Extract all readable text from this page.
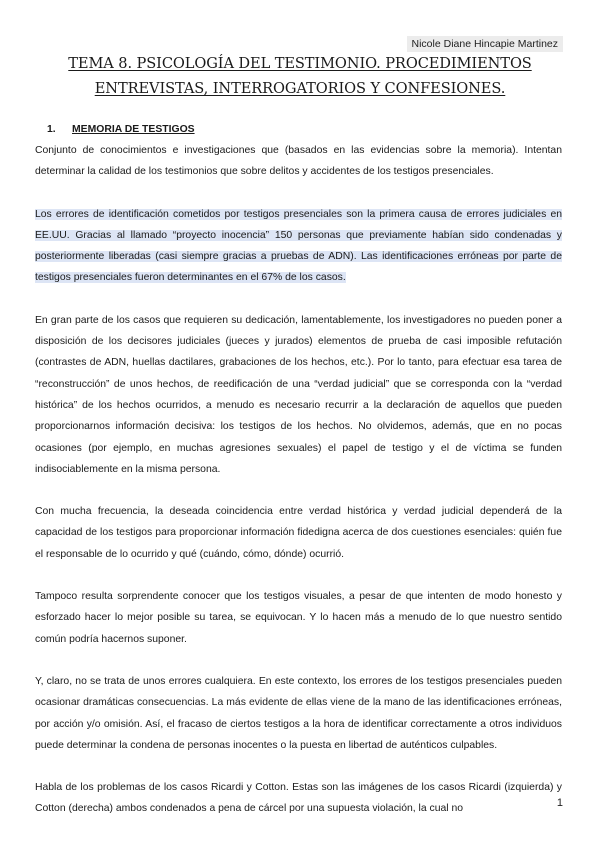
Nicole Diane Hincapie Martinez
TEMA 8. PSICOLOGÍA DEL TESTIMONIO. PROCEDIMIENTOS
ENTREVISTAS, INTERROGATORIOS Y CONFESIONES.
1. MEMORIA DE TESTIGOS

Conjunto de conocimientos e investigaciones que (basados en las evidencias sobre la memoria). Intentan determinar la calidad de los testimonios que sobre delitos y accidentes de los testigos presenciales.

Los errores de identificación cometidos por testigos presenciales son la primera causa de errores judiciales en EE.UU. Gracias al llamado “proyecto inocencia” 150 personas que previamente habían sido condenadas y posteriormente liberadas (casi siempre gracias a pruebas de ADN). Las identificaciones erróneas por parte de testigos presenciales fueron determinantes en el 67% de los casos.

En gran parte de los casos que requieren su dedicación, lamentablemente, los investigadores no pueden poner a disposición de los decisores judiciales (jueces y jurados) elementos de prueba de casi imposible refutación (contrastes de ADN, huellas dactilares, grabaciones de los hechos, etc.). Por lo tanto, para efectuar esa tarea de “reconstrucción” de unos hechos, de reedificación de una “verdad judicial” que se corresponda con la “verdad histórica” de los hechos ocurridos, a menudo es necesario recurrir a la declaración de aquellos que pueden proporcionarnos información decisiva: los testigos de los hechos. No olvidemos, además, que en no pocas ocasiones (por ejemplo, en muchas agresiones sexuales) el papel de testigo y el de víctima se funden indisociablemente en la misma persona.

Con mucha frecuencia, la deseada coincidencia entre verdad histórica y verdad judicial dependerá de la capacidad de los testigos para proporcionar información fidedigna acerca de dos cuestiones esenciales: quién fue el responsable de lo ocurrido y qué (cuándo, cómo, dónde) ocurrió.

Tampoco resulta sorprendente conocer que los testigos visuales, a pesar de que intenten de modo honesto y esforzado hacer lo mejor posible su tarea, se equivocan. Y lo hacen más a menudo de lo que nuestro sentido común podría hacernos suponer.

Y, claro, no se trata de unos errores cualquiera. En este contexto, los errores de los testigos presenciales pueden ocasionar dramáticas consecuencias. La más evidente de ellas viene de la mano de las identificaciones erróneas, por acción y/o omisión. Así, el fracaso de ciertos testigos a la hora de identificar correctamente a otros individuos puede determinar la condena de personas inocentes o la puesta en libertad de auténticos culpables.

Habla de los problemas de los casos Ricardi y Cotton. Estas son las imágenes de los casos Ricardi (izquierda) y Cotton (derecha) ambos condenados a pena de cárcel por una supuesta violación, la cual no	1
